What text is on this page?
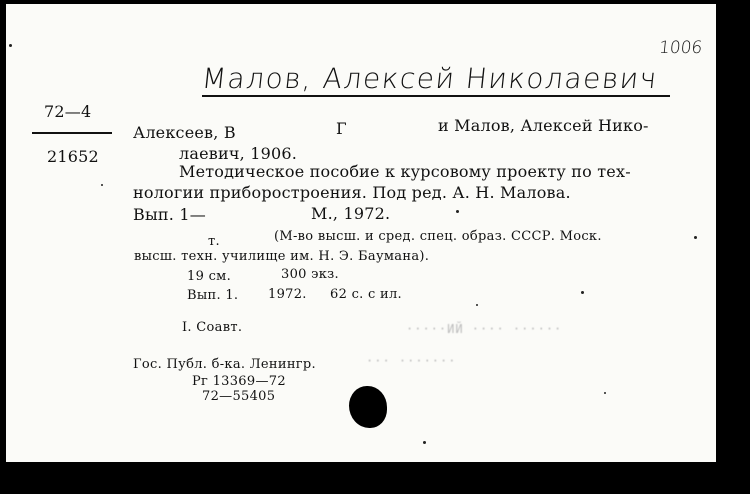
1006
Малов, Алексей Николаевич
72—4
21652
Алексеев, В	Г	и Малов, Алексей Нико-
лаевич, 1906.
Методическое пособие к курсовому проекту по тех-
нологии приборостроения. Под ред. А. Н. Малова.
Вып. 1—	М., 1972.
т.	(М-во высш. и сред. спец. образ. СССР. Моск.
высш. техн. училище им. Н. Э. Баумана).
19 см.	300 экз.
Вып. 1. 1972. 62 с. с ил.
I. Соавт.
Гос. Публ. б-ка. Ленингр.
Рг 13369—72
72—55405
·····ИЙ ···· ······
··· ·······
